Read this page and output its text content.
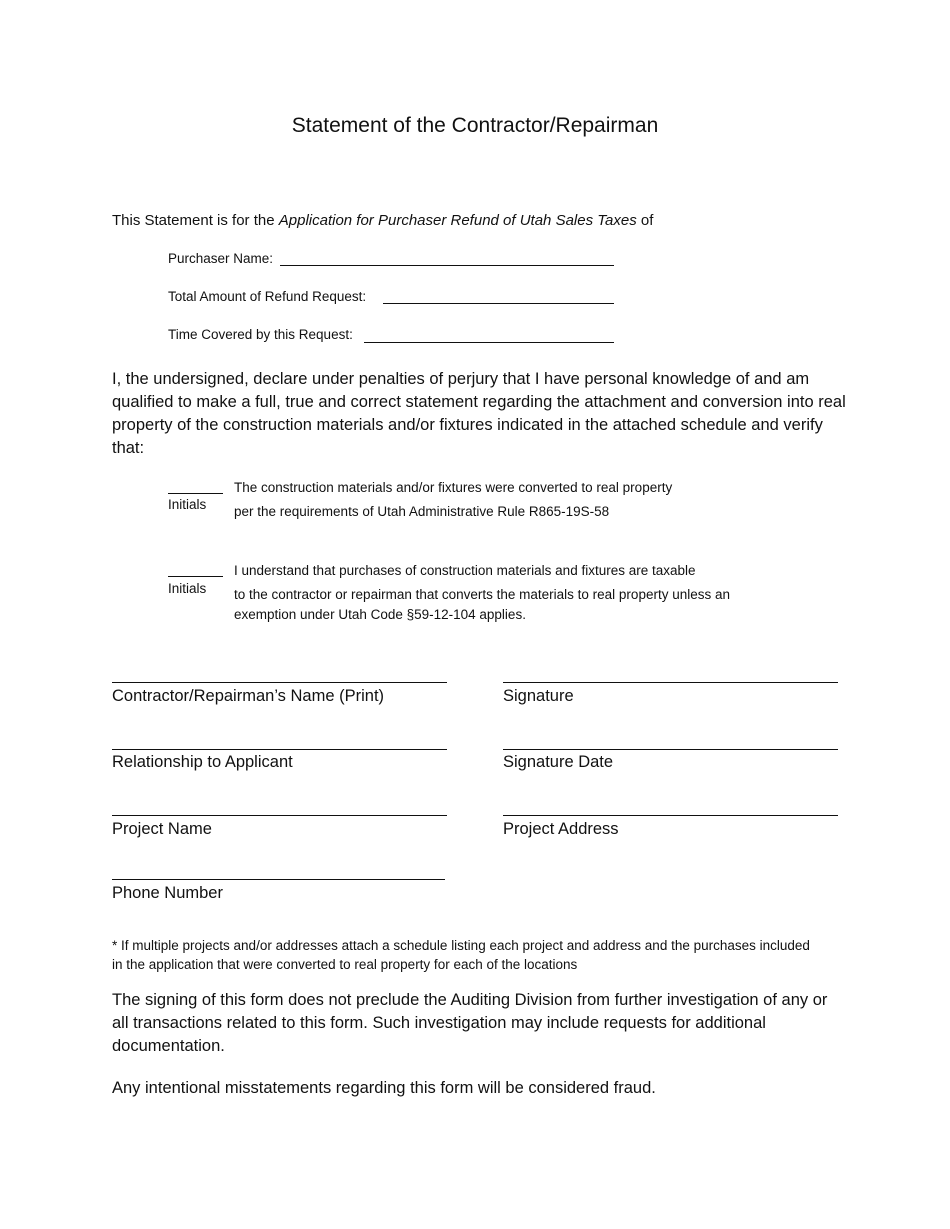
Statement of the Contractor/Repairman
This Statement is for the Application for Purchaser Refund of Utah Sales Taxes of
Purchaser Name:
Total Amount of Refund Request:
Time Covered by this Request:
I, the undersigned, declare under penalties of perjury that I have personal knowledge of and am qualified to make a full, true and correct statement regarding the attachment and conversion into real property of the construction materials and/or fixtures indicated in the attached schedule and verify that:
Initials
The construction materials and/or fixtures were converted to real property
per the requirements of Utah Administrative Rule R865-19S-58
Initials
I understand that purchases of construction materials and fixtures are taxable
to the contractor or repairman that converts the materials to real property unless an exemption under Utah Code §59-12-104 applies.
Contractor/Repairman’s Name (Print)	Signature
Relationship to Applicant	Signature Date
Project Name	Project Address
Phone Number
* If multiple projects and/or addresses attach a schedule listing each project and address and the purchases included in the application that were converted to real property for each of the locations
The signing of this form does not preclude the Auditing Division from further investigation of any or all transactions related to this form. Such investigation may include requests for additional documentation.
Any intentional misstatements regarding this form will be considered fraud.
